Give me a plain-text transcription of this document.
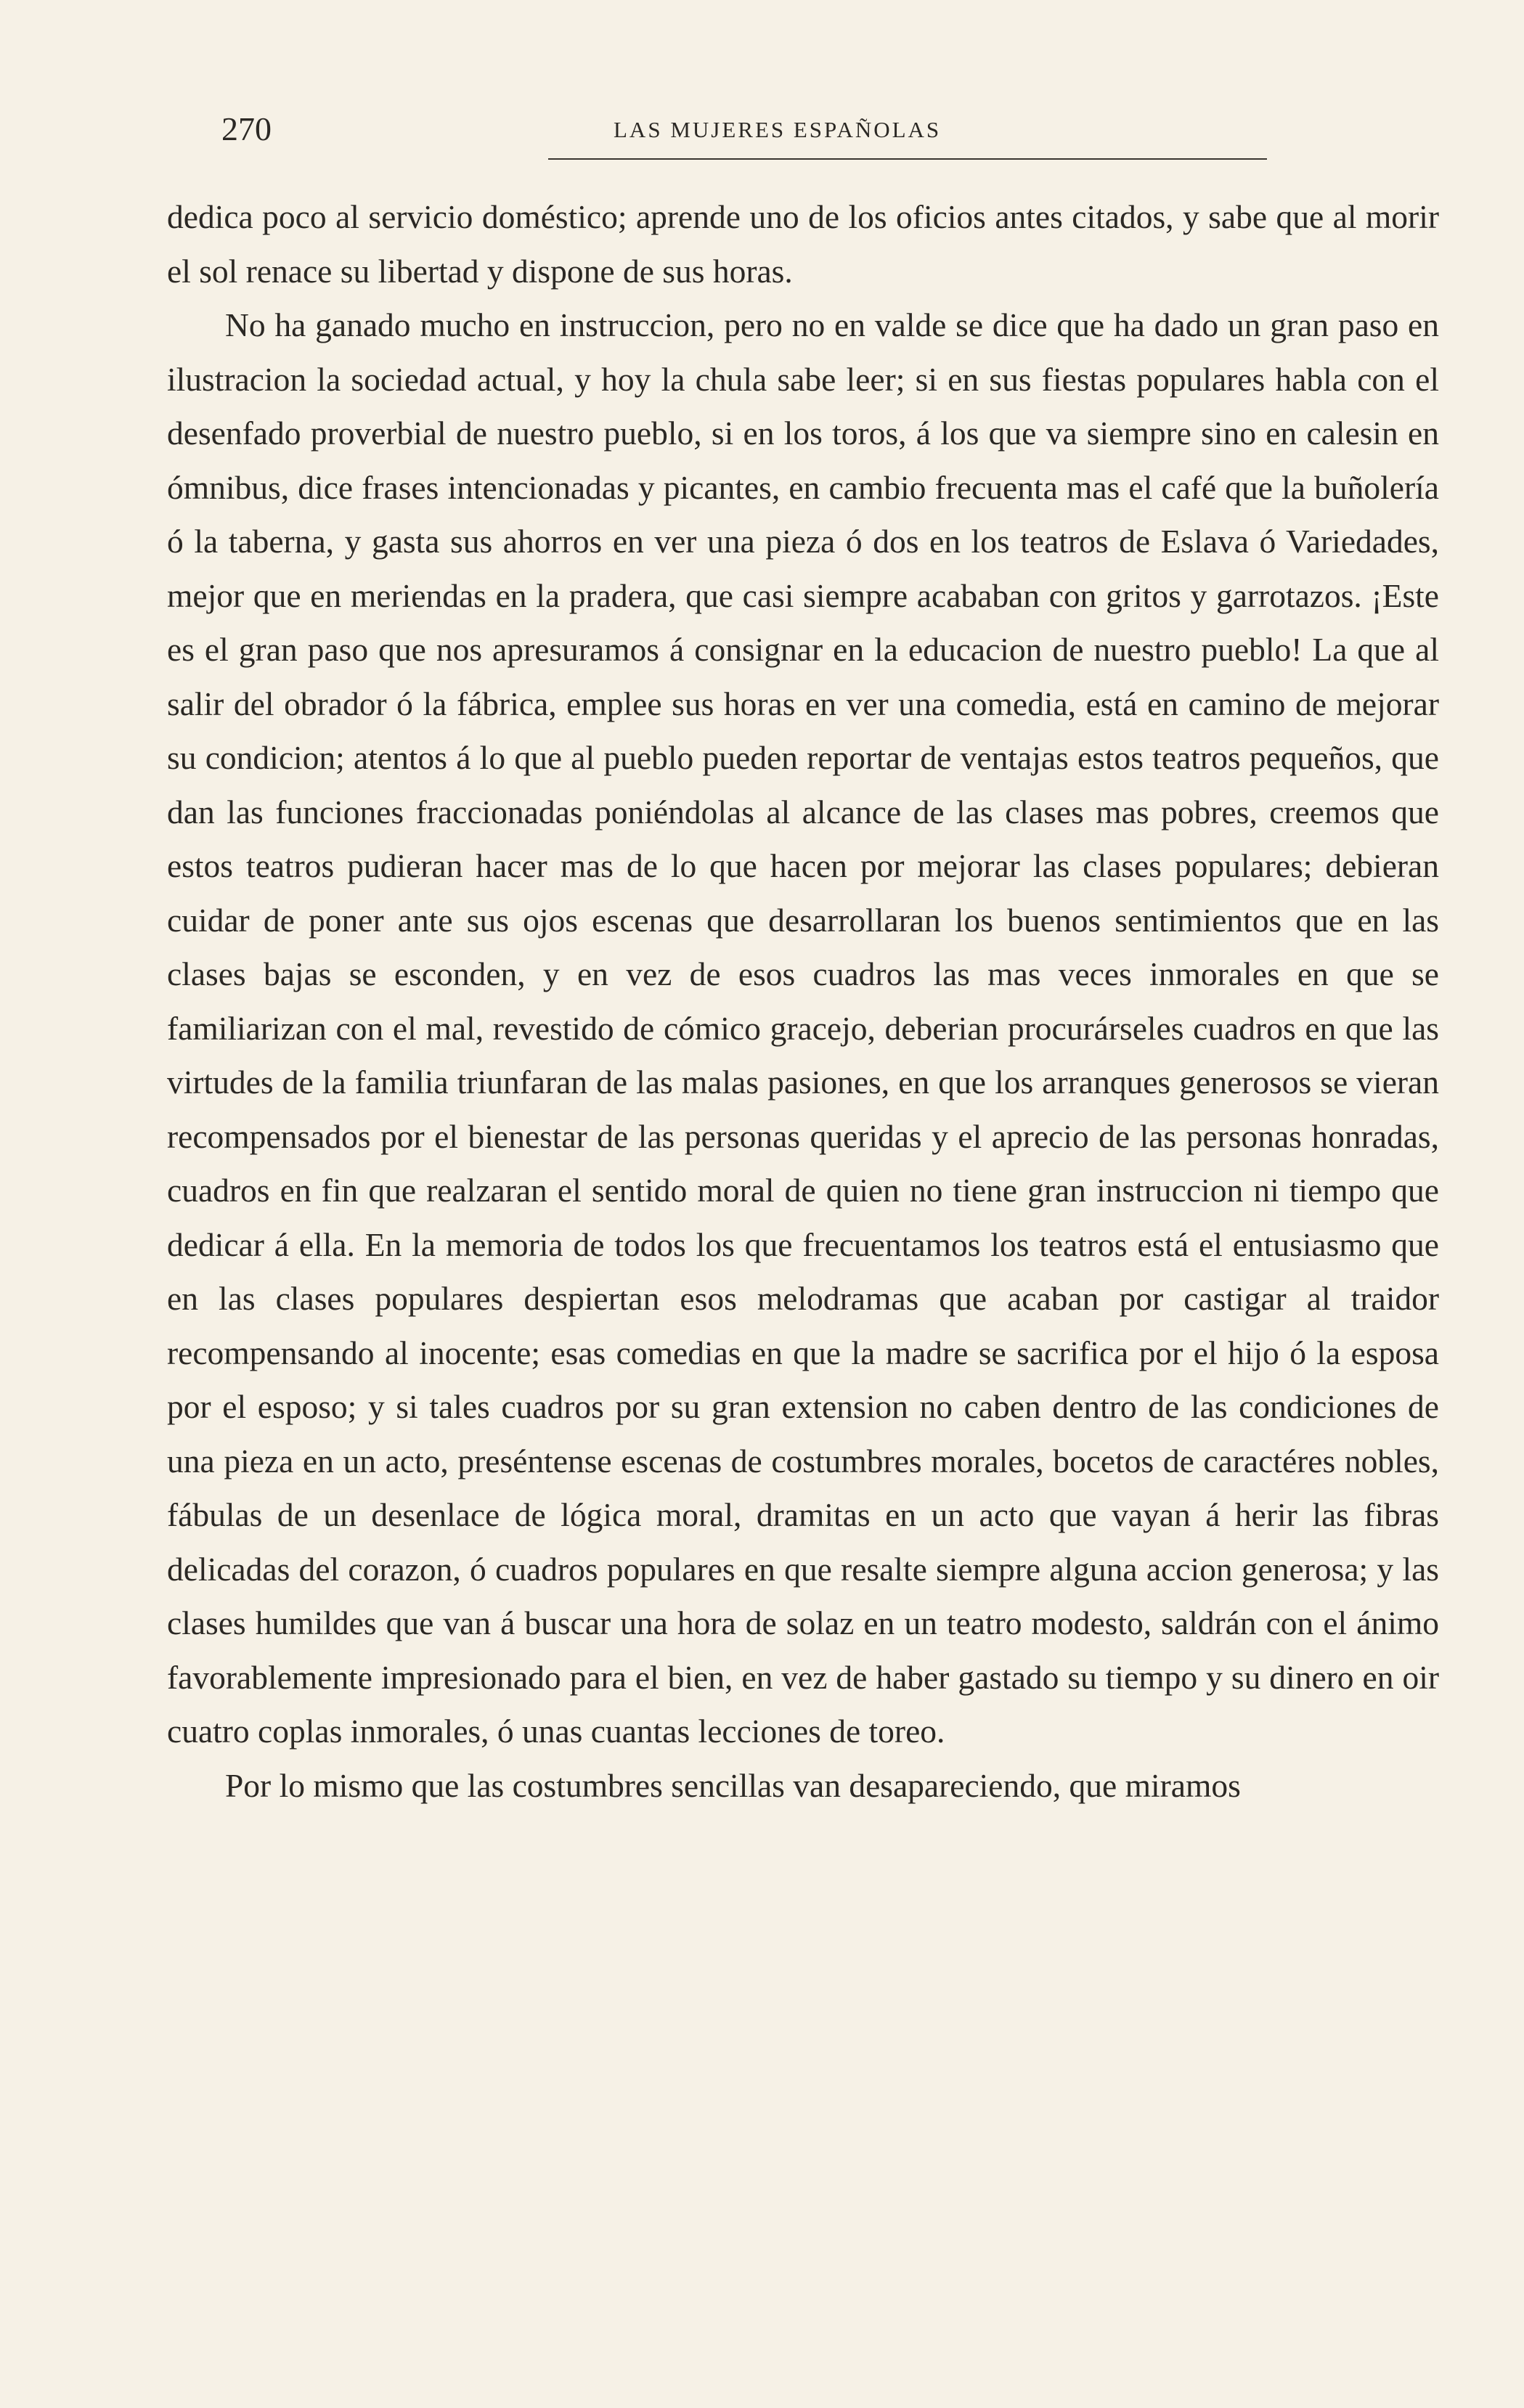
270	LAS MUJERES ESPAÑOLAS

dedica poco al servicio doméstico; aprende uno de los oficios antes citados, y sabe que al morir el sol renace su libertad y dispone de sus horas.

No ha ganado mucho en instruccion, pero no en valde se dice que ha dado un gran paso en ilustracion la sociedad actual, y hoy la chula sabe leer; si en sus fiestas populares habla con el desenfado proverbial de nuestro pueblo, si en los toros, á los que va siempre sino en calesin en ómnibus, dice frases intencionadas y picantes, en cambio frecuenta mas el café que la buñolería ó la taberna, y gasta sus ahorros en ver una pieza ó dos en los teatros de Eslava ó Variedades, mejor que en meriendas en la pradera, que casi siempre acababan con gritos y garrotazos. ¡Este es el gran paso que nos apresuramos á consignar en la educacion de nuestro pueblo! La que al salir del obrador ó la fábrica, emplee sus horas en ver una comedia, está en camino de mejorar su condicion; atentos á lo que al pueblo pueden reportar de ventajas estos teatros pequeños, que dan las funciones fraccionadas poniéndolas al alcance de las clases mas pobres, creemos que estos teatros pudieran hacer mas de lo que hacen por mejorar las clases populares; debieran cuidar de poner ante sus ojos escenas que desarrollaran los buenos sentimientos que en las clases bajas se esconden, y en vez de esos cuadros las mas veces inmorales en que se familiarizan con el mal, revestido de cómico gracejo, deberian procurárseles cuadros en que las virtudes de la familia triunfaran de las malas pasiones, en que los arranques generosos se vieran recompensados por el bienestar de las personas queridas y el aprecio de las personas honradas, cuadros en fin que realzaran el sentido moral de quien no tiene gran instruccion ni tiempo que dedicar á ella. En la memoria de todos los que frecuentamos los teatros está el entusiasmo que en las clases populares despiertan esos melodramas que acaban por castigar al traidor recompensando al inocente; esas comedias en que la madre se sacrifica por el hijo ó la esposa por el esposo; y si tales cuadros por su gran extension no caben dentro de las condiciones de una pieza en un acto, preséntense escenas de costumbres morales, bocetos de caractéres nobles, fábulas de un desenlace de lógica moral, dramitas en un acto que vayan á herir las fibras delicadas del corazon, ó cuadros populares en que resalte siempre alguna accion generosa; y las clases humildes que van á buscar una hora de solaz en un teatro modesto, saldrán con el ánimo favorablemente impresionado para el bien, en vez de haber gastado su tiempo y su dinero en oir cuatro coplas inmorales, ó unas cuantas lecciones de toreo.

Por lo mismo que las costumbres sencillas van desapareciendo, que miramos
